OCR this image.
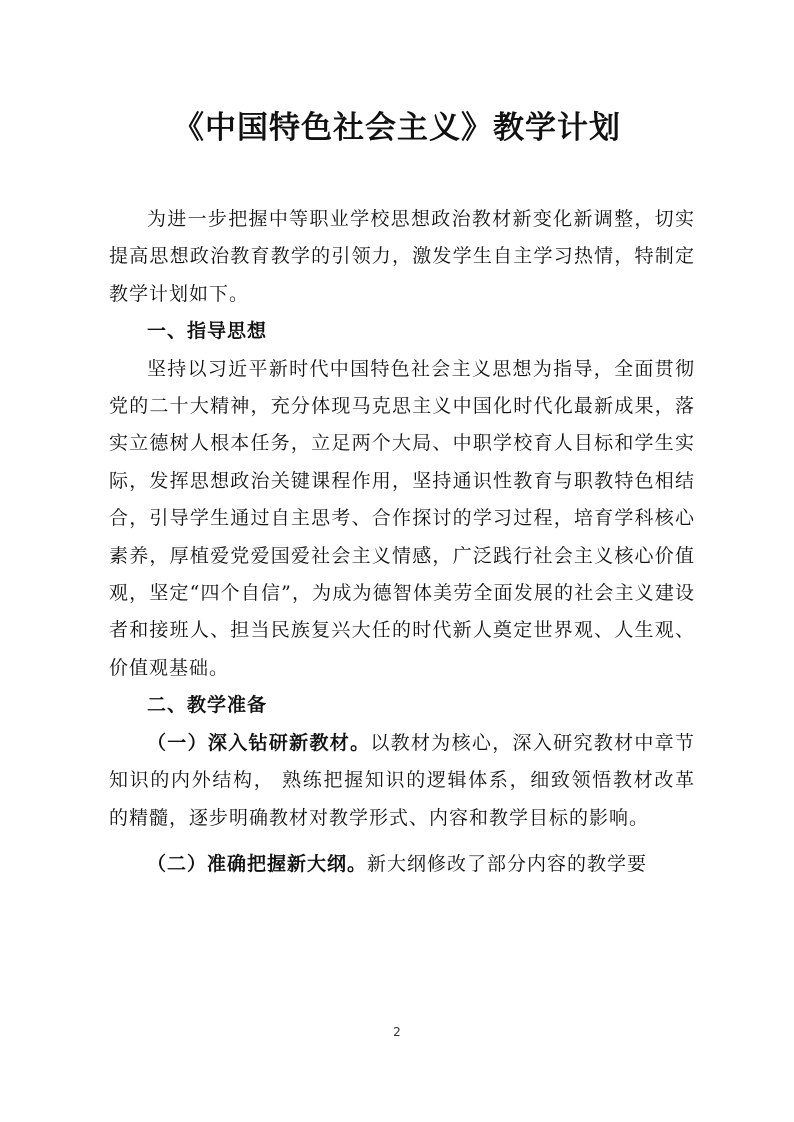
《中国特色社会主义》教学计划

为进一步把握中等职业学校思想政治教材新变化新调整，切实提高思想政治教育教学的引领力，激发学生自主学习热情，特制定教学计划如下。

一、指导思想

坚持以习近平新时代中国特色社会主义思想为指导，全面贯彻党的二十大精神，充分体现马克思主义中国化时代化最新成果，落实立德树人根本任务，立足两个大局、中职学校育人目标和学生实际，发挥思想政治关键课程作用，坚持通识性教育与职教特色相结合，引导学生通过自主思考、合作探讨的学习过程，培育学科核心素养，厚植爱党爱国爱社会主义情感，广泛践行社会主义核心价值观，坚定“四个自信”，为成为德智体美劳全面发展的社会主义建设者和接班人、担当民族复兴大任的时代新人奠定世界观、人生观、价值观基础。

二、教学准备

（一）深入钻研新教材。以教材为核心，深入研究教材中章节知识的内外结构， 熟练把握知识的逻辑体系，细致领悟教材改革的精髓，逐步明确教材对教学形式、内容和教学目标的影响。

（二）准确把握新大纲。新大纲修改了部分内容的教学要

2
